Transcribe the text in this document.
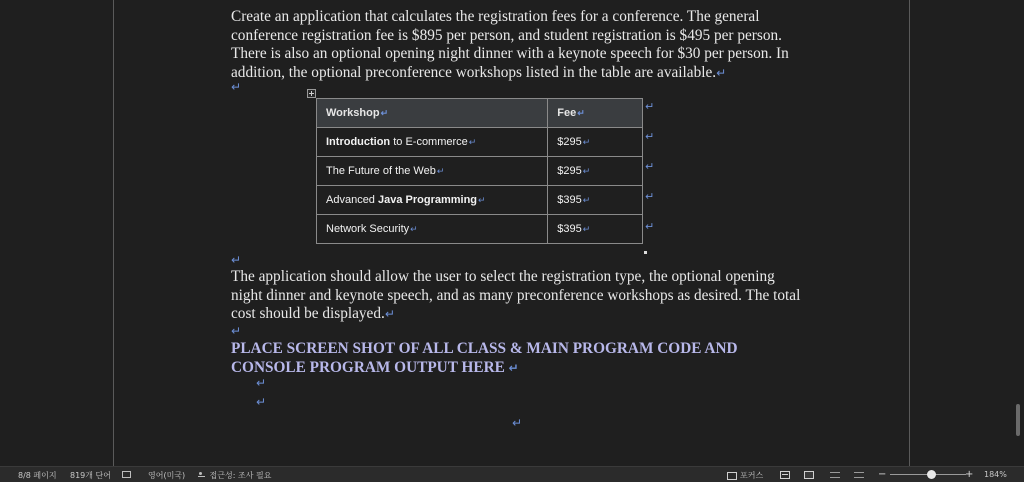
Create an application that calculates the registration fees for a conference. The general conference registration fee is $895 per person, and student registration is $495 per person. There is also an optional opening night dinner with a keynote speech for $30 per person. In addition, the optional preconference workshops listed in the table are available.↵

↵
Workshop↵	Fee↵
Introduction to E-commerce↵	$295↵
The Future of the Web↵	$295↵
Advanced Java Programming↵	$395↵
Network Security↵	$395↵
↵
↵
↵
↵
↵
↵

The application should allow the user to select the registration type, the optional opening night dinner and keynote speech, and as many preconference workshops as desired. The total cost should be displayed.↵

↵

PLACE SCREEN SHOT OF ALL CLASS & MAIN PROGRAM CODE AND CONSOLE PROGRAM OUTPUT HERE ↵

↵
↵
↵
8/8 페이지 819개 단어	영어(미국)	접근성: 조사 필요	포커스	−	+ 184%
